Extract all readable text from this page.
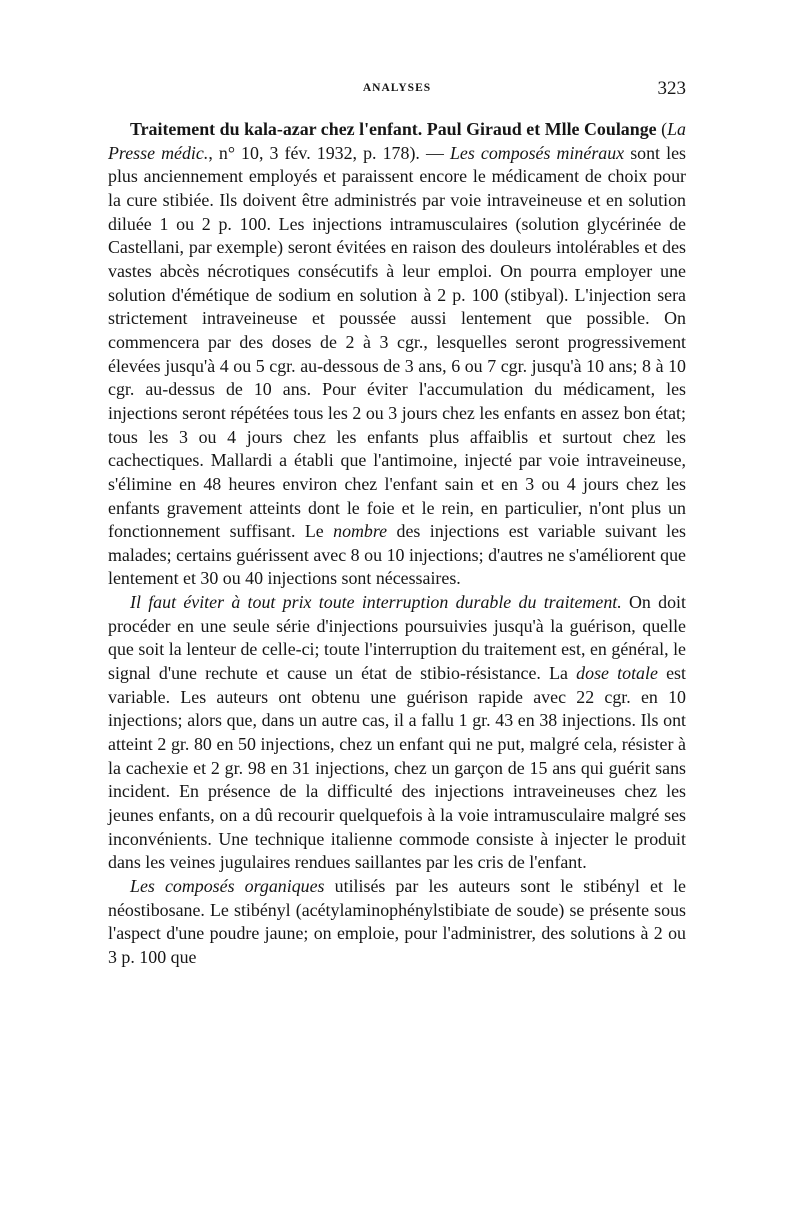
ANALYSES	323

Traitement du kala-azar chez l'enfant. Paul Giraud et Mlle Coulange (La Presse médic., n° 10, 3 fév. 1932, p. 178). — Les composés minéraux sont les plus anciennement employés et paraissent encore le médicament de choix pour la cure stibiée. Ils doivent être administrés par voie intraveineuse et en solution diluée 1 ou 2 p. 100. Les injections intramusculaires (solution glycérinée de Castellani, par exemple) seront évitées en raison des douleurs intolérables et des vastes abcès nécrotiques consécutifs à leur emploi. On pourra employer une solution d'émétique de sodium en solution à 2 p. 100 (stibyal). L'injection sera strictement intraveineuse et poussée aussi lentement que possible. On commencera par des doses de 2 à 3 cgr., lesquelles seront progressivement élevées jusqu'à 4 ou 5 cgr. au-dessous de 3 ans, 6 ou 7 cgr. jusqu'à 10 ans; 8 à 10 cgr. au-dessus de 10 ans. Pour éviter l'accumulation du médicament, les injections seront répétées tous les 2 ou 3 jours chez les enfants en assez bon état; tous les 3 ou 4 jours chez les enfants plus affaiblis et surtout chez les cachectiques. Mallardi a établi que l'antimoine, injecté par voie intraveineuse, s'élimine en 48 heures environ chez l'enfant sain et en 3 ou 4 jours chez les enfants gravement atteints dont le foie et le rein, en particulier, n'ont plus un fonctionnement suffisant. Le nombre des injections est variable suivant les malades; certains guérissent avec 8 ou 10 injections; d'autres ne s'améliorent que lentement et 30 ou 40 injections sont nécessaires.

Il faut éviter à tout prix toute interruption durable du traitement. On doit procéder en une seule série d'injections poursuivies jusqu'à la guérison, quelle que soit la lenteur de celle-ci; toute l'interruption du traitement est, en général, le signal d'une rechute et cause un état de stibio-résistance. La dose totale est variable. Les auteurs ont obtenu une guérison rapide avec 22 cgr. en 10 injections; alors que, dans un autre cas, il a fallu 1 gr. 43 en 38 injections. Ils ont atteint 2 gr. 80 en 50 injections, chez un enfant qui ne put, malgré cela, résister à la cachexie et 2 gr. 98 en 31 injections, chez un garçon de 15 ans qui guérit sans incident. En présence de la difficulté des injections intraveineuses chez les jeunes enfants, on a dû recourir quelquefois à la voie intramusculaire malgré ses inconvénients. Une technique italienne commode consiste à injecter le produit dans les veines jugulaires rendues saillantes par les cris de l'enfant.

Les composés organiques utilisés par les auteurs sont le stibényl et le néostibosane. Le stibényl (acétylaminophénylstibiate de soude) se présente sous l'aspect d'une poudre jaune; on emploie, pour l'administrer, des solutions à 2 ou 3 p. 100 que
